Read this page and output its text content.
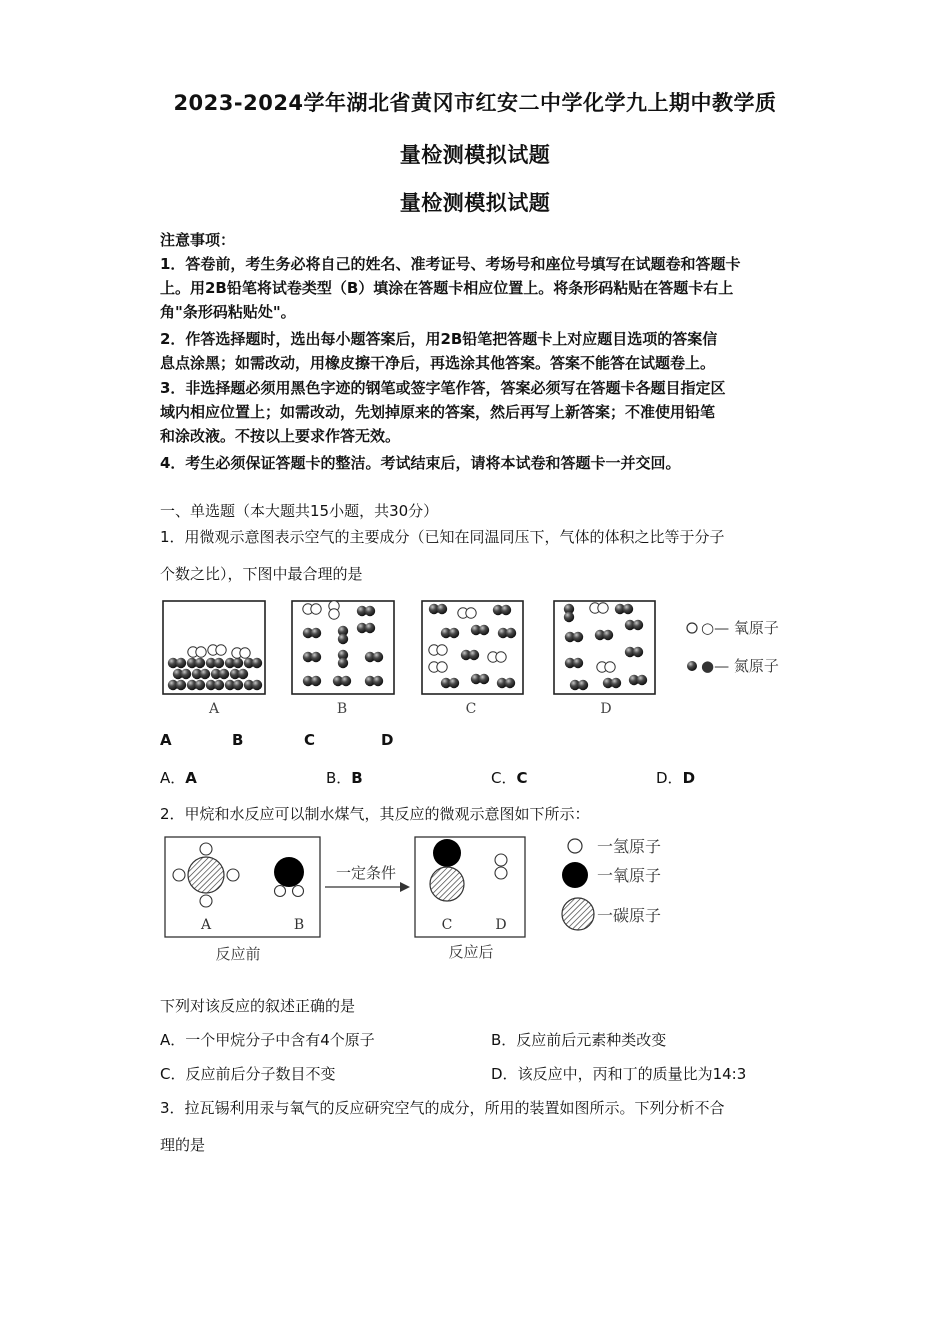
2023-2024学年湖北省黄冈市红安二中学化学九上期中教学质
量检测模拟试题
量检测模拟试题
注意事项：
1．答卷前，考生务必将自己的姓名、准考证号、考场号和座位号填写在试题卷和答题卡
上。用2B铅笔将试卷类型（B）填涂在答题卡相应位置上。将条形码粘贴在答题卡右上
角"条形码粘贴处"。
2．作答选择题时，选出每小题答案后，用2B铅笔把答题卡上对应题目选项的答案信
息点涂黑；如需改动，用橡皮擦干净后，再选涂其他答案。答案不能答在试题卷上。
3．非选择题必须用黑色字迹的钢笔或签字笔作答，答案必须写在答题卡各题目指定区
域内相应位置上；如需改动，先划掉原来的答案，然后再写上新答案；不准使用铅笔
和涂改液。不按以上要求作答无效。
4．考生必须保证答题卡的整洁。考试结束后，请将本试卷和答题卡一并交回。
一、单选题（本大题共15小题，共30分）
1．用微观示意图表示空气的主要成分（已知在同温同压下，气体的体积之比等于分子
个数之比），下图中最合理的是
○— 氧原子
●— 氮原子
A	B	C	D
A	B	C	D
A．A	B．B	C．C	D．D
2．甲烷和水反应可以制水煤气，其反应的微观示意图如下所示：
A	B
反应前
一定条件
C	D
反应后
一氢原子
一氧原子
一碳原子
下列对该反应的叙述正确的是
A．一个甲烷分子中含有4个原子	B．反应前后元素种类改变
C．反应前后分子数目不变	D．该反应中，丙和丁的质量比为14:3
3．拉瓦锡利用汞与氧气的反应研究空气的成分，所用的装置如图所示。下列分析不合
理的是
